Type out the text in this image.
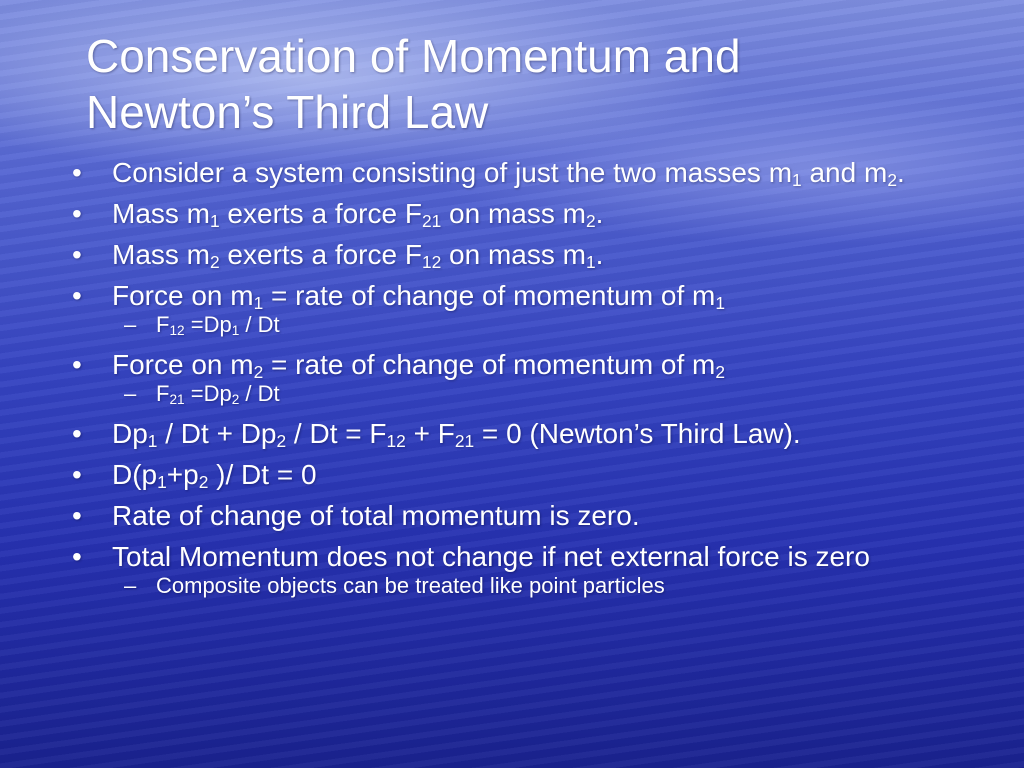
Conservation of Momentum and
Newton’s Third Law
•	Consider a system consisting of just the two masses $m_1$ and $m_2$.
•	Mass $m_1$ exerts a force $F_{21}$ on mass $m_2$.
•	Mass $m_2$ exerts a force $F_{12}$ on mass $m_1$.
•	Force on $m_1$ = rate of change of momentum of $m_1$
– $F_{12} =Dp_1 / Dt$
•	Force on $m_2$ = rate of change of momentum of $m_2$
– $F_{21} =Dp_2 / Dt$
•	$Dp_1 / Dt + Dp_2 / Dt = F_{12} + F_{21} = 0$ (Newton’s Third Law).
•	$D(p_1+p_2$ )/ Dt = 0
•	Rate of change of total momentum is zero.
•	Total Momentum does not change if net external force is zero
– Composite objects can be treated like point particles
